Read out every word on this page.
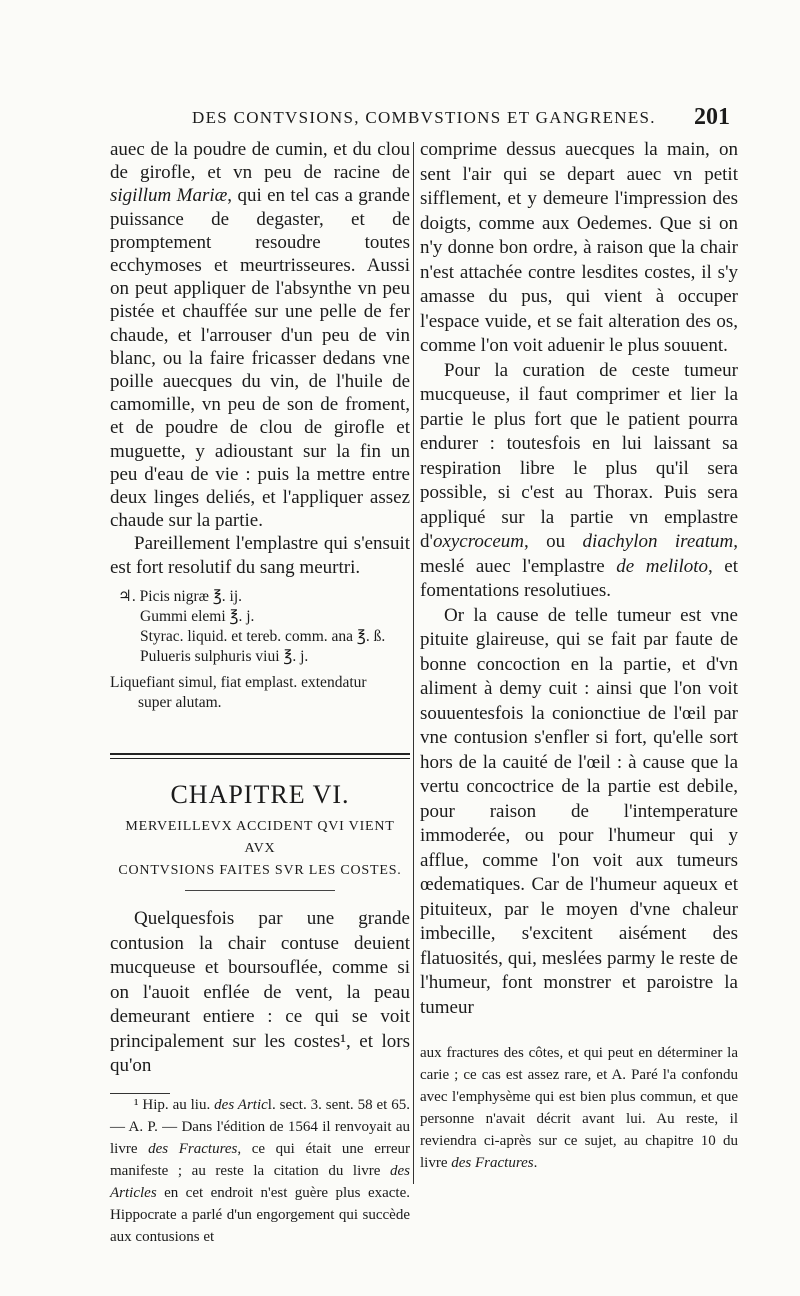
DES CONTVSIONS, COMBVSTIONS ET GANGRENES. 201

auec de la poudre de cumin, et du clou de girofle, et vn peu de racine de sigillum Mariæ, qui en tel cas a grande puissance de degaster, et de promptement resoudre toutes ecchymoses et meurtrisseures. Aussi on peut appliquer de l'absynthe vn peu pistée et chauffée sur une pelle de fer chaude, et l'arrouser d'un peu de vin blanc, ou la faire fricasser dedans vne poille auecques du vin, de l'huile de camomille, vn peu de son de froment, et de poudre de clou de girofle et muguette, y adioustant sur la fin un peu d'eau de vie : puis la mettre entre deux linges deliés, et l'appliquer assez chaude sur la partie.

Pareillement l'emplastre qui s'ensuit est fort resolutif du sang meurtri.

♃. Picis nigræ ℥. ij.
Gummi elemi ℥. j.
Styrac. liquid. et tereb. comm. ana ℥. ß.
Pulueris sulphuris viui ℥. j.
Liquefiant simul, fiat emplast. extendatur
super alutam.
CHAPITRE VI.
MERVEILLEVX ACCIDENT QVI VIENT AVX
CONTVSIONS FAITES SVR LES COSTES.

Quelquesfois par une grande contusion la chair contuse deuient mucqueuse et boursouflée, comme si on l'auoit enflée de vent, la peau demeurant entiere : ce qui se voit principalement sur les costes¹, et lors qu'on

¹ Hip. au liu. des Articl. sect. 3. sent. 58 et 65. — A. P. — Dans l'édition de 1564 il renvoyait au livre des Fractures, ce qui était une erreur manifeste ; au reste la citation du livre des Articles en cet endroit n'est guère plus exacte. Hippocrate a parlé d'un engorgement qui succède aux contusions et

comprime dessus auecques la main, on sent l'air qui se depart auec vn petit sifflement, et y demeure l'impression des doigts, comme aux Oedemes. Que si on n'y donne bon ordre, à raison que la chair n'est attachée contre lesdites costes, il s'y amasse du pus, qui vient à occuper l'espace vuide, et se fait alteration des os, comme l'on voit aduenir le plus souuent.

Pour la curation de ceste tumeur mucqueuse, il faut comprimer et lier la partie le plus fort que le patient pourra endurer : toutesfois en lui laissant sa respiration libre le plus qu'il sera possible, si c'est au Thorax. Puis sera appliqué sur la partie vn emplastre d'oxycroceum, ou diachylon ireatum, meslé auec l'emplastre de meliloto, et fomentations resolutiues.

Or la cause de telle tumeur est vne pituite glaireuse, qui se fait par faute de bonne concoction en la partie, et d'vn aliment à demy cuit : ainsi que l'on voit souuentesfois la conionctiue de l'œil par vne contusion s'enfler si fort, qu'elle sort hors de la cauité de l'œil : à cause que la vertu concoctrice de la partie est debile, pour raison de l'intemperature immoderée, ou pour l'humeur qui y afflue, comme l'on voit aux tumeurs œdematiques. Car de l'humeur aqueux et pituiteux, par le moyen d'vne chaleur imbecille, s'excitent aisément des flatuosités, qui, meslées parmy le reste de l'humeur, font monstrer et paroistre la tumeur

aux fractures des côtes, et qui peut en déterminer la carie ; ce cas est assez rare, et A. Paré l'a confondu avec l'emphysème qui est bien plus commun, et que personne n'avait décrit avant lui. Au reste, il reviendra ci-après sur ce sujet, au chapitre 10 du livre des Fractures.
